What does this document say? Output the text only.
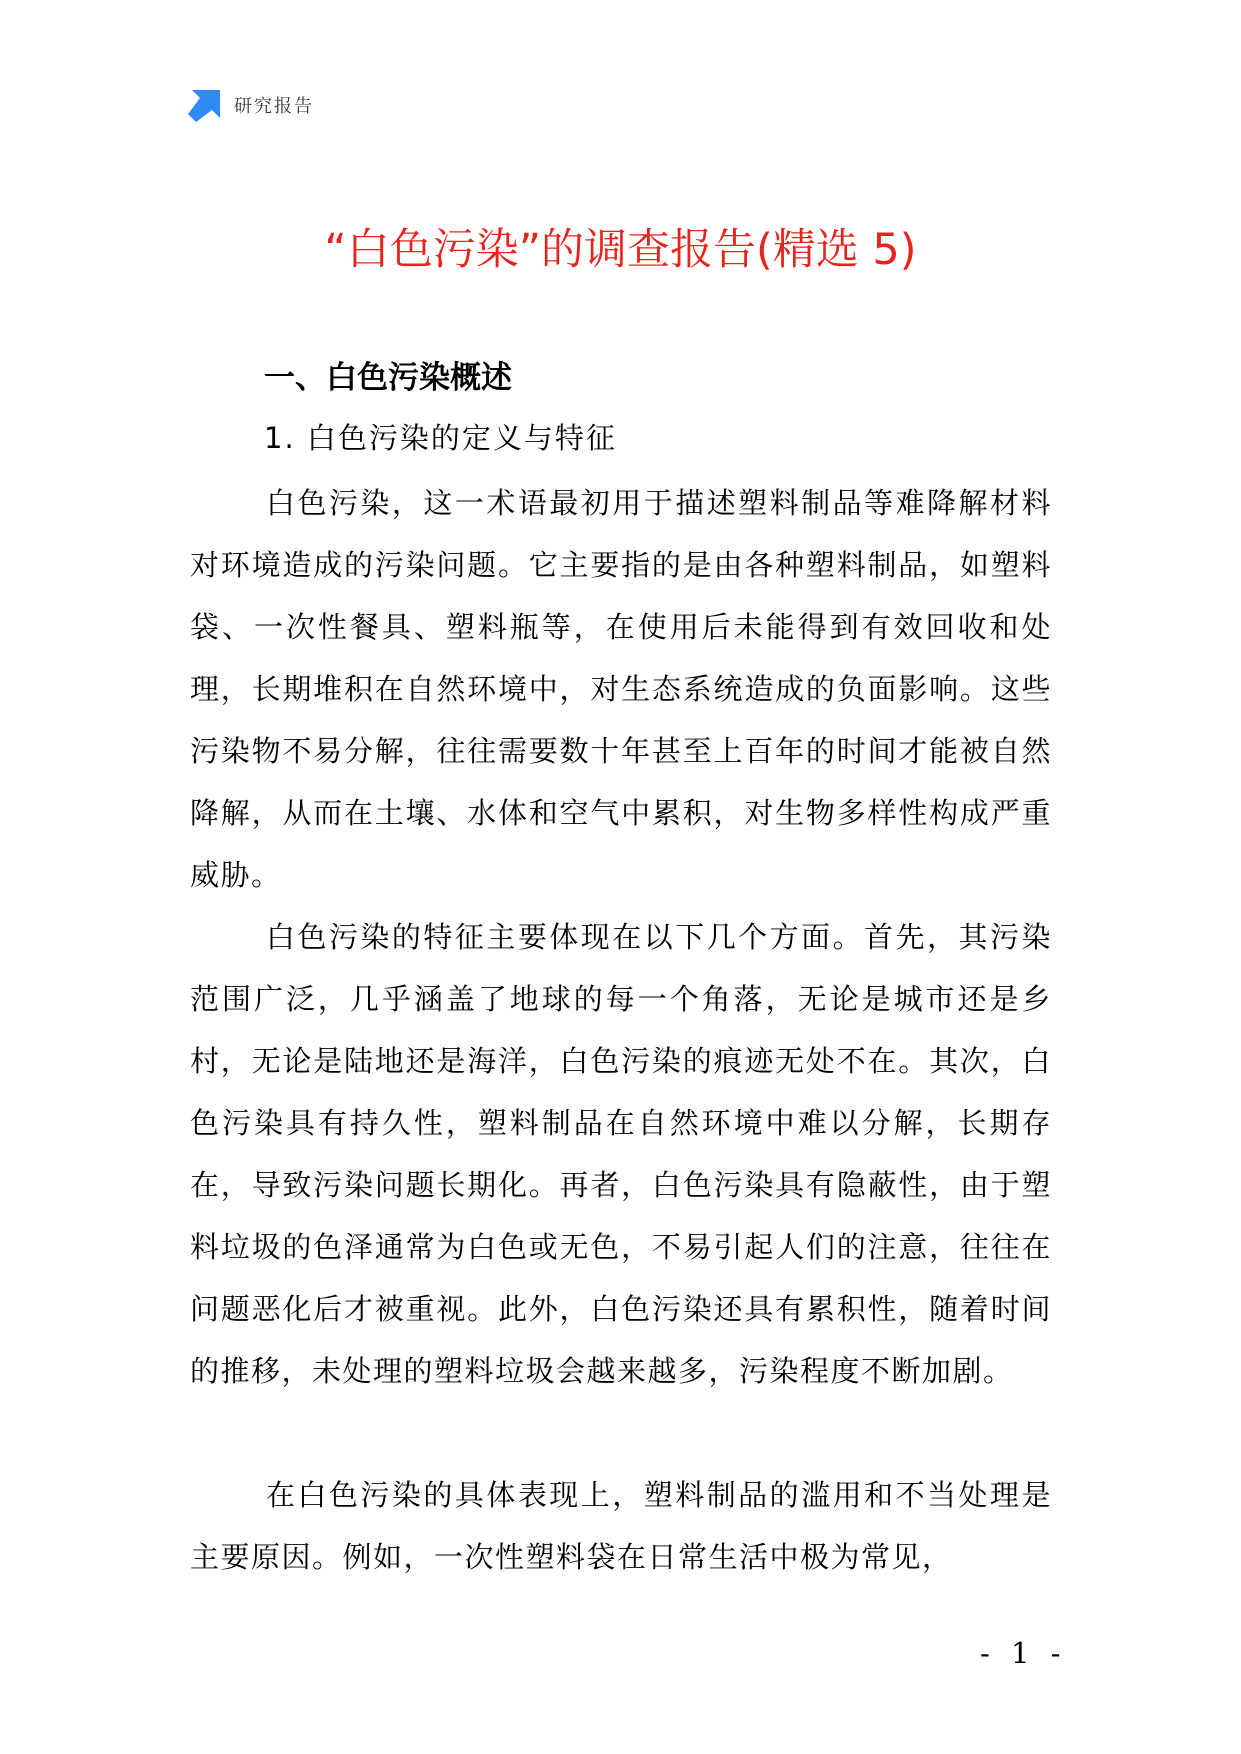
研究报告
“白色污染”的调查报告(精选 5)
一、白色污染概述
1. 白色污染的定义与特征

白色污染，这一术语最初用于描述塑料制品等难降解材料对环境造成的污染问题。它主要指的是由各种塑料制品，如塑料袋、一次性餐具、塑料瓶等，在使用后未能得到有效回收和处理，长期堆积在自然环境中，对生态系统造成的负面影响。这些污染物不易分解，往往需要数十年甚至上百年的时间才能被自然降解，从而在土壤、水体和空气中累积，对生物多样性构成严重威胁。

白色污染的特征主要体现在以下几个方面。首先，其污染范围广泛，几乎涵盖了地球的每一个角落，无论是城市还是乡村，无论是陆地还是海洋，白色污染的痕迹无处不在。其次，白色污染具有持久性，塑料制品在自然环境中难以分解，长期存在，导致污染问题长期化。再者，白色污染具有隐蔽性，由于塑料垃圾的色泽通常为白色或无色，不易引起人们的注意，往往在问题恶化后才被重视。此外，白色污染还具有累积性，随着时间的推移，未处理的塑料垃圾会越来越多，污染程度不断加剧。

在白色污染的具体表现上，塑料制品的滥用和不当处理是主要原因。例如，一次性塑料袋在日常生活中极为常见，

- 1 -
